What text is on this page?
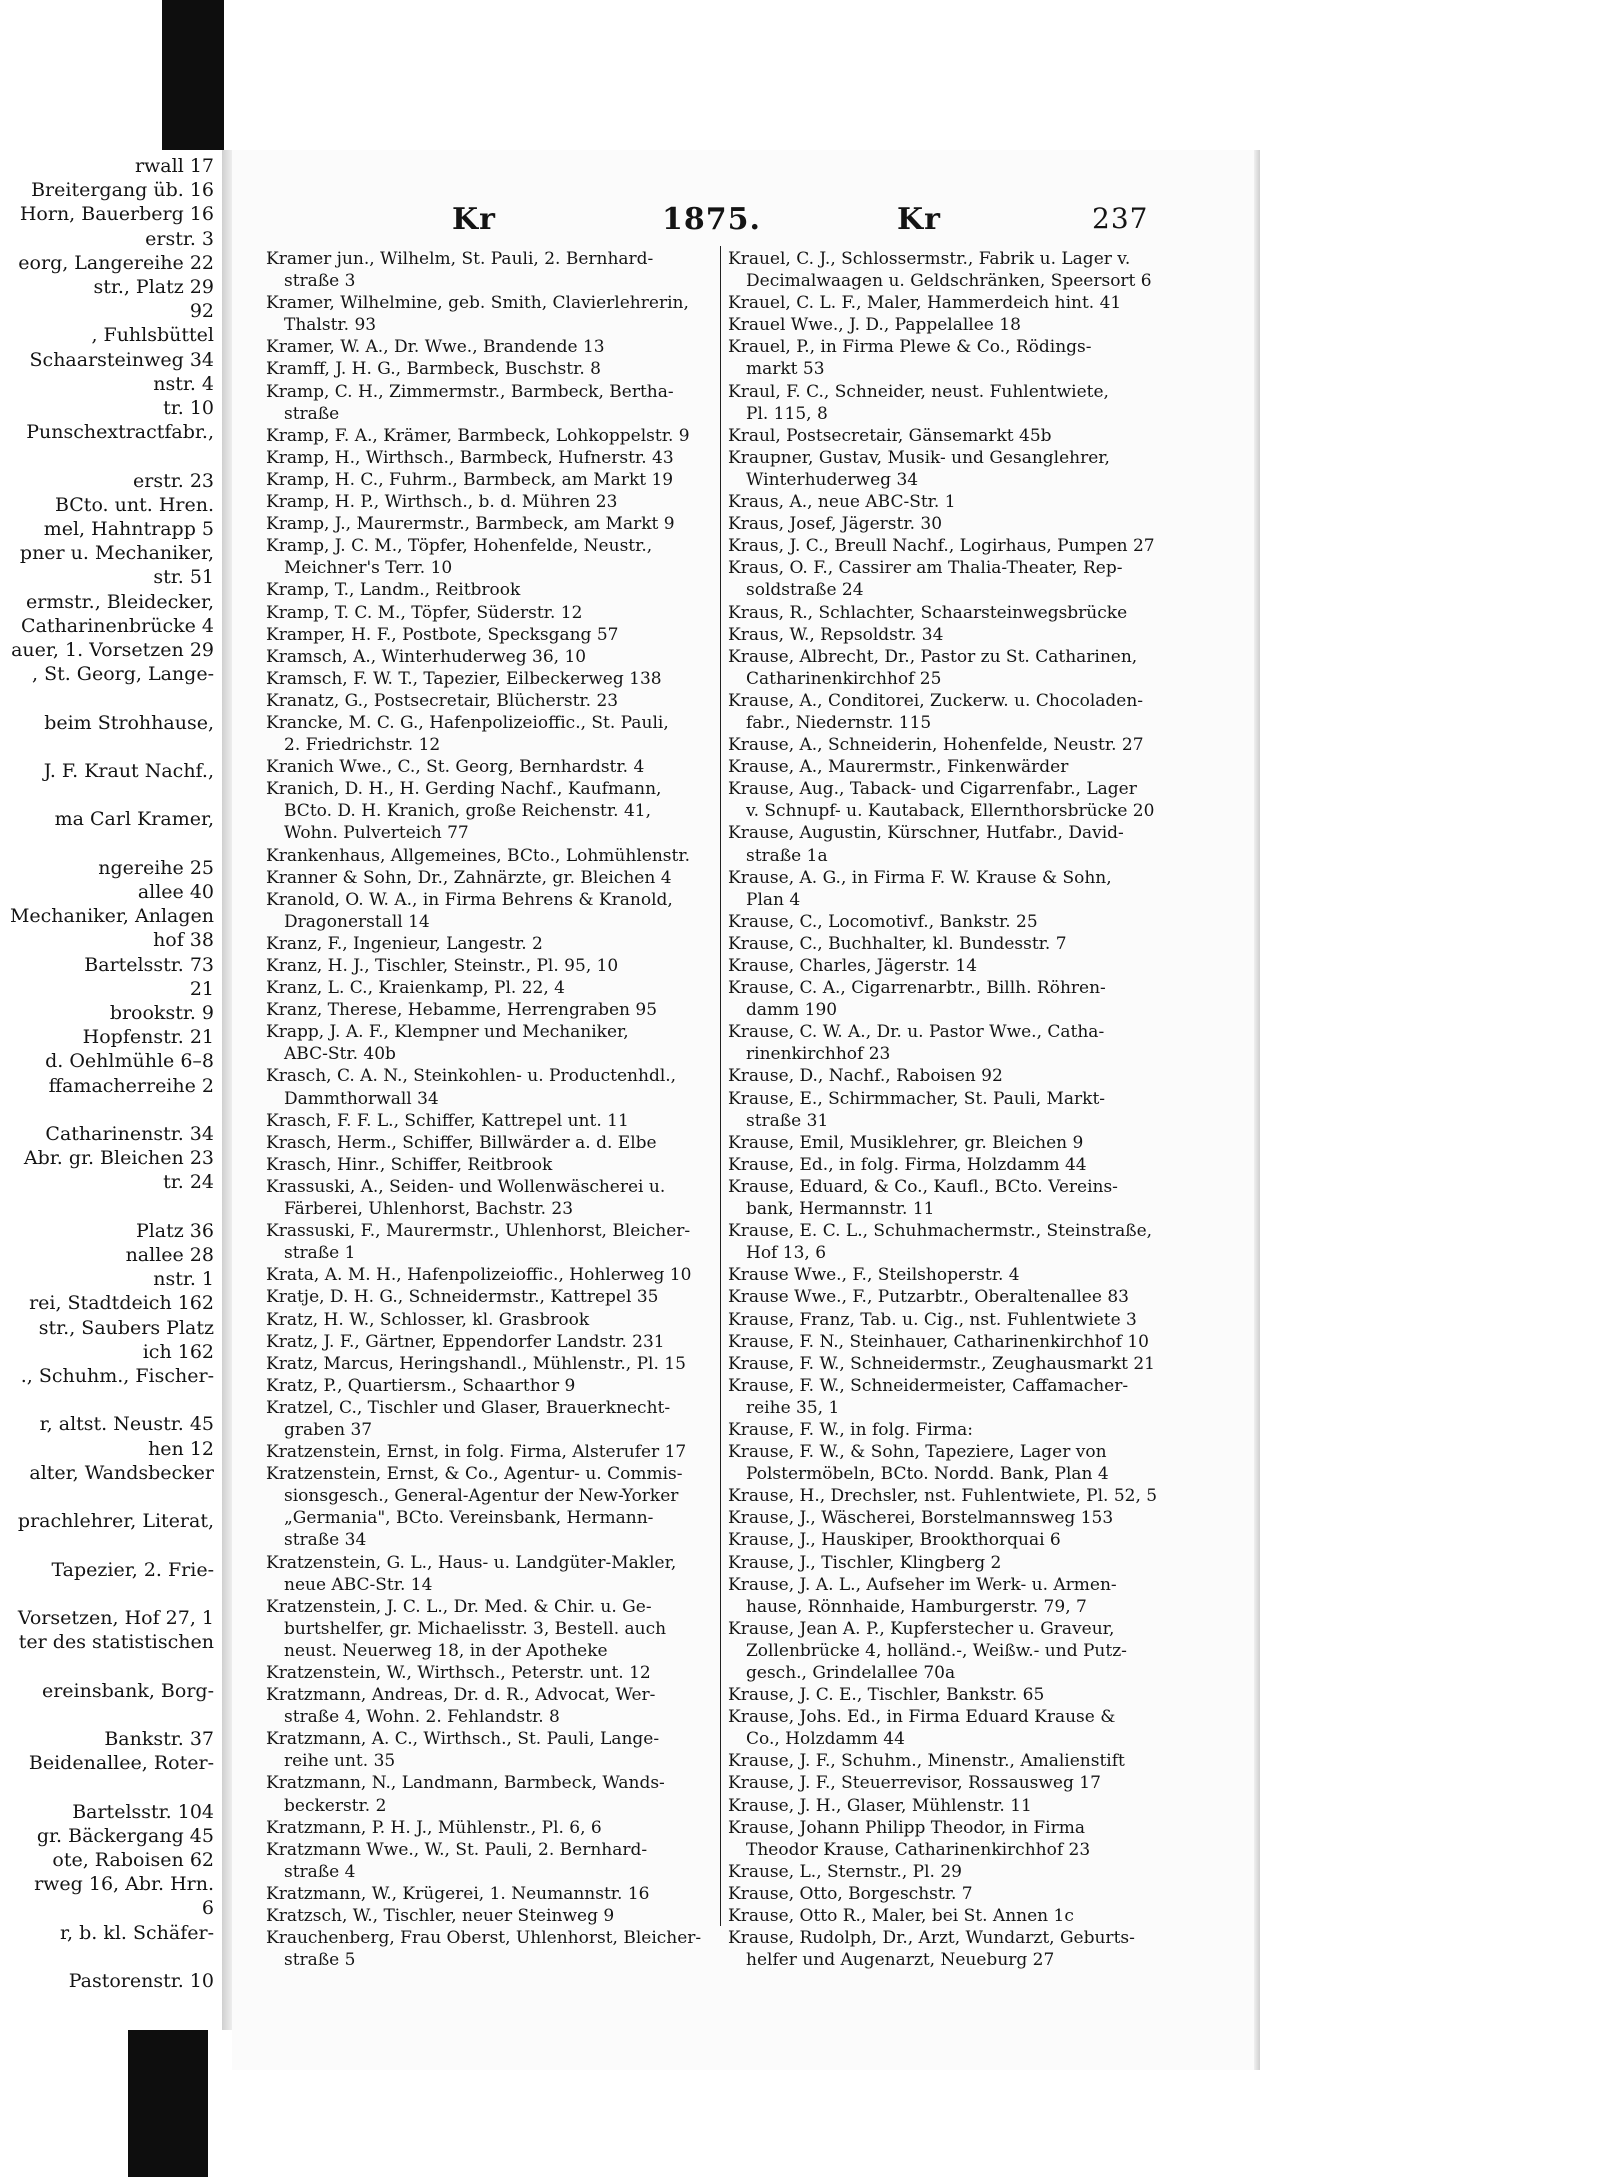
rwall 17
Breitergang üb. 16
Horn, Bauerberg 16
erstr. 3
eorg, Langereihe 22
str., Platz 29
92
, Fuhlsbüttel
Schaarsteinweg 34
nstr. 4
tr. 10
Punschextractfabr.,
erstr. 23
BCto. unt. Hren.
mel, Hahntrapp 5
pner u. Mechaniker,
str. 51
ermstr., Bleidecker,
Catharinenbrücke 4
auer, 1. Vorsetzen 29
, St. Georg, Lange-
beim Strohhause,
J. F. Kraut Nachf.,
ma Carl Kramer,
ngereihe 25
allee 40
Mechaniker, Anlagen
hof 38
Bartelsstr. 73
21
brookstr. 9
Hopfenstr. 21
d. Oehlmühle 6–8
ffamacherreihe 2
Catharinenstr. 34
Abr. gr. Bleichen 23
tr. 24
Platz 36
nallee 28
nstr. 1
rei, Stadtdeich 162
str., Saubers Platz
ich 162
., Schuhm., Fischer-
r, altst. Neustr. 45
hen 12
alter, Wandsbecker
prachlehrer, Literat,
Tapezier, 2. Frie-
Vorsetzen, Hof 27, 1
ter des statistischen
ereinsbank, Borg-
Bankstr. 37
Beidenallee, Roter-
Bartelsstr. 104
gr. Bäckergang 45
ote, Raboisen 62
rweg 16, Abr. Hrn.
6
r, b. kl. Schäfer-
Pastorenstr. 10
Kr	1875.	Kr	237
Kramer jun., Wilhelm, St. Pauli, 2. Bernhard-
straße 3
Kramer, Wilhelmine, geb. Smith, Clavierlehrerin,
Thalstr. 93
Kramer, W. A., Dr. Wwe., Brandende 13
Kramff, J. H. G., Barmbeck, Buschstr. 8
Kramp, C. H., Zimmermstr., Barmbeck, Bertha-
straße
Kramp, F. A., Krämer, Barmbeck, Lohkoppelstr. 9
Kramp, H., Wirthsch., Barmbeck, Hufnerstr. 43
Kramp, H. C., Fuhrm., Barmbeck, am Markt 19
Kramp, H. P., Wirthsch., b. d. Mühren 23
Kramp, J., Maurermstr., Barmbeck, am Markt 9
Kramp, J. C. M., Töpfer, Hohenfelde, Neustr.,
Meichner's Terr. 10
Kramp, T., Landm., Reitbrook
Kramp, T. C. M., Töpfer, Süderstr. 12
Kramper, H. F., Postbote, Specksgang 57
Kramsch, A., Winterhuderweg 36, 10
Kramsch, F. W. T., Tapezier, Eilbeckerweg 138
Kranatz, G., Postsecretair, Blücherstr. 23
Krancke, M. C. G., Hafenpolizeioffic., St. Pauli,
2. Friedrichstr. 12
Kranich Wwe., C., St. Georg, Bernhardstr. 4
Kranich, D. H., H. Gerding Nachf., Kaufmann,
BCto. D. H. Kranich, große Reichenstr. 41,
Wohn. Pulverteich 77
Krankenhaus, Allgemeines, BCto., Lohmühlenstr.
Kranner & Sohn, Dr., Zahnärzte, gr. Bleichen 4
Kranold, O. W. A., in Firma Behrens & Kranold,
Dragonerstall 14
Kranz, F., Ingenieur, Langestr. 2
Kranz, H. J., Tischler, Steinstr., Pl. 95, 10
Kranz, L. C., Kraienkamp, Pl. 22, 4
Kranz, Therese, Hebamme, Herrengraben 95
Krapp, J. A. F., Klempner und Mechaniker,
ABC-Str. 40b
Krasch, C. A. N., Steinkohlen- u. Productenhdl.,
Dammthorwall 34
Krasch, F. F. L., Schiffer, Kattrepel unt. 11
Krasch, Herm., Schiffer, Billwärder a. d. Elbe
Krasch, Hinr., Schiffer, Reitbrook
Krassuski, A., Seiden- und Wollenwäscherei u.
Färberei, Uhlenhorst, Bachstr. 23
Krassuski, F., Maurermstr., Uhlenhorst, Bleicher-
straße 1
Krata, A. M. H., Hafenpolizeioffic., Hohlerweg 10
Kratje, D. H. G., Schneidermstr., Kattrepel 35
Kratz, H. W., Schlosser, kl. Grasbrook
Kratz, J. F., Gärtner, Eppendorfer Landstr. 231
Kratz, Marcus, Heringshandl., Mühlenstr., Pl. 15
Kratz, P., Quartiersm., Schaarthor 9
Kratzel, C., Tischler und Glaser, Brauerknecht-
graben 37
Kratzenstein, Ernst, in folg. Firma, Alsterufer 17
Kratzenstein, Ernst, & Co., Agentur- u. Commis-
sionsgesch., General-Agentur der New-Yorker
„Germania", BCto. Vereinsbank, Hermann-
straße 34
Kratzenstein, G. L., Haus- u. Landgüter-Makler,
neue ABC-Str. 14
Kratzenstein, J. C. L., Dr. Med. & Chir. u. Ge-
burtshelfer, gr. Michaelisstr. 3, Bestell. auch
neust. Neuerweg 18, in der Apotheke
Kratzenstein, W., Wirthsch., Peterstr. unt. 12
Kratzmann, Andreas, Dr. d. R., Advocat, Wer-
straße 4, Wohn. 2. Fehlandstr. 8
Kratzmann, A. C., Wirthsch., St. Pauli, Lange-
reihe unt. 35
Kratzmann, N., Landmann, Barmbeck, Wands-
beckerstr. 2
Kratzmann, P. H. J., Mühlenstr., Pl. 6, 6
Kratzmann Wwe., W., St. Pauli, 2. Bernhard-
straße 4
Kratzmann, W., Krügerei, 1. Neumannstr. 16
Kratzsch, W., Tischler, neuer Steinweg 9
Krauchenberg, Frau Oberst, Uhlenhorst, Bleicher-
straße 5
Krauel, C. J., Schlossermstr., Fabrik u. Lager v.
Decimalwaagen u. Geldschränken, Speersort 6
Krauel, C. L. F., Maler, Hammerdeich hint. 41
Krauel Wwe., J. D., Pappelallee 18
Krauel, P., in Firma Plewe & Co., Rödings-
markt 53
Kraul, F. C., Schneider, neust. Fuhlentwiete,
Pl. 115, 8
Kraul, Postsecretair, Gänsemarkt 45b
Kraupner, Gustav, Musik- und Gesanglehrer,
Winterhuderweg 34
Kraus, A., neue ABC-Str. 1
Kraus, Josef, Jägerstr. 30
Kraus, J. C., Breull Nachf., Logirhaus, Pumpen 27
Kraus, O. F., Cassirer am Thalia-Theater, Rep-
soldstraße 24
Kraus, R., Schlachter, Schaarsteinwegsbrücke
Kraus, W., Repsoldstr. 34
Krause, Albrecht, Dr., Pastor zu St. Catharinen,
Catharinenkirchhof 25
Krause, A., Conditorei, Zuckerw. u. Chocoladen-
fabr., Niedernstr. 115
Krause, A., Schneiderin, Hohenfelde, Neustr. 27
Krause, A., Maurermstr., Finkenwärder
Krause, Aug., Taback- und Cigarrenfabr., Lager
v. Schnupf- u. Kautaback, Ellernthorsbrücke 20
Krause, Augustin, Kürschner, Hutfabr., David-
straße 1a
Krause, A. G., in Firma F. W. Krause & Sohn,
Plan 4
Krause, C., Locomotivf., Bankstr. 25
Krause, C., Buchhalter, kl. Bundesstr. 7
Krause, Charles, Jägerstr. 14
Krause, C. A., Cigarrenarbtr., Billh. Röhren-
damm 190
Krause, C. W. A., Dr. u. Pastor Wwe., Catha-
rinenkirchhof 23
Krause, D., Nachf., Raboisen 92
Krause, E., Schirmmacher, St. Pauli, Markt-
straße 31
Krause, Emil, Musiklehrer, gr. Bleichen 9
Krause, Ed., in folg. Firma, Holzdamm 44
Krause, Eduard, & Co., Kaufl., BCto. Vereins-
bank, Hermannstr. 11
Krause, E. C. L., Schuhmachermstr., Steinstraße,
Hof 13, 6
Krause Wwe., F., Steilshoperstr. 4
Krause Wwe., F., Putzarbtr., Oberaltenallee 83
Krause, Franz, Tab. u. Cig., nst. Fuhlentwiete 3
Krause, F. N., Steinhauer, Catharinenkirchhof 10
Krause, F. W., Schneidermstr., Zeughausmarkt 21
Krause, F. W., Schneidermeister, Caffamacher-
reihe 35, 1
Krause, F. W., in folg. Firma:
Krause, F. W., & Sohn, Tapeziere, Lager von
Polstermöbeln, BCto. Nordd. Bank, Plan 4
Krause, H., Drechsler, nst. Fuhlentwiete, Pl. 52, 5
Krause, J., Wäscherei, Borstelmannsweg 153
Krause, J., Hauskiper, Brookthorquai 6
Krause, J., Tischler, Klingberg 2
Krause, J. A. L., Aufseher im Werk- u. Armen-
hause, Rönnhaide, Hamburgerstr. 79, 7
Krause, Jean A. P., Kupferstecher u. Graveur,
Zollenbrücke 4, holländ.-, Weißw.- und Putz-
gesch., Grindelallee 70a
Krause, J. C. E., Tischler, Bankstr. 65
Krause, Johs. Ed., in Firma Eduard Krause &
Co., Holzdamm 44
Krause, J. F., Schuhm., Minenstr., Amalienstift
Krause, J. F., Steuerrevisor, Rossausweg 17
Krause, J. H., Glaser, Mühlenstr. 11
Krause, Johann Philipp Theodor, in Firma
Theodor Krause, Catharinenkirchhof 23
Krause, L., Sternstr., Pl. 29
Krause, Otto, Borgeschstr. 7
Krause, Otto R., Maler, bei St. Annen 1c
Krause, Rudolph, Dr., Arzt, Wundarzt, Geburts-
helfer und Augenarzt, Neueburg 27
